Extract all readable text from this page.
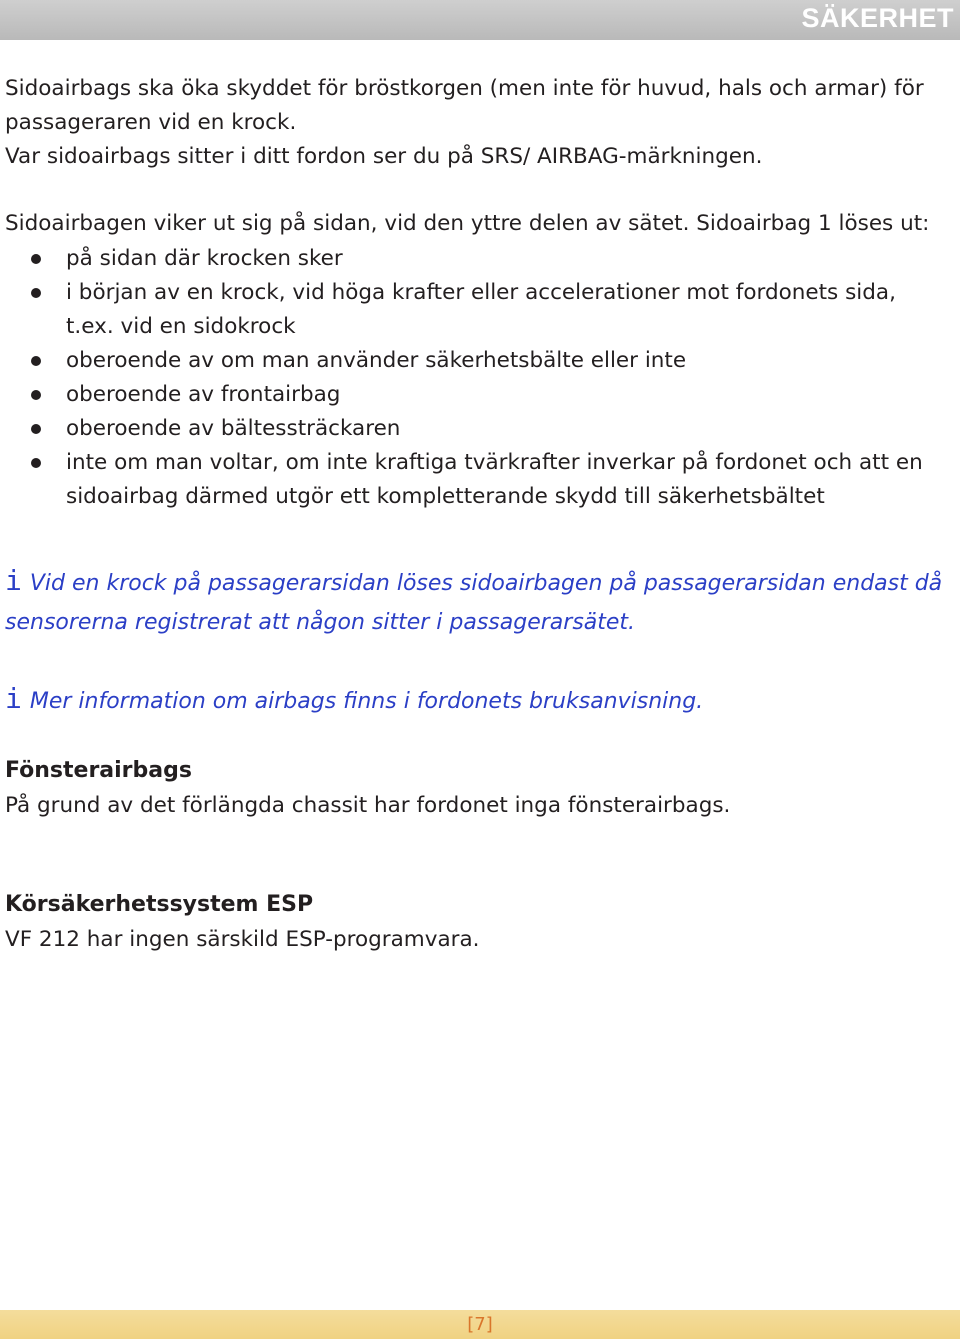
SÄKERHET

Sidoairbags ska öka skyddet för bröstkorgen (men inte för huvud, hals och armar) för passageraren vid en krock.
Var sidoairbags sitter i ditt fordon ser du på SRS/ AIRBAG-märkningen.

Sidoairbagen viker ut sig på sidan, vid den yttre delen av sätet. Sidoairbag 1 löses ut:

på sidan där krocken sker
i början av en krock, vid höga krafter eller accelerationer mot fordonets sida, t.ex. vid en sidokrock
oberoende av om man använder säkerhetsbälte eller inte
oberoende av frontairbag
oberoende av bältessträckaren
inte om man voltar, om inte kraftiga tvärkrafter inverkar på fordonet och att en sidoairbag därmed utgör ett kompletterande skydd till säkerhetsbältet

i Vid en krock på passagerarsidan löses sidoairbagen på passagerarsidan endast då sensorerna registrerat att någon sitter i passagerarsätet.

i Mer information om airbags finns i fordonets bruksanvisning.

Fönsterairbags

På grund av det förlängda chassit har fordonet inga fönsterairbags.

Körsäkerhetssystem ESP

VF 212 har ingen särskild ESP-programvara.

[7]
